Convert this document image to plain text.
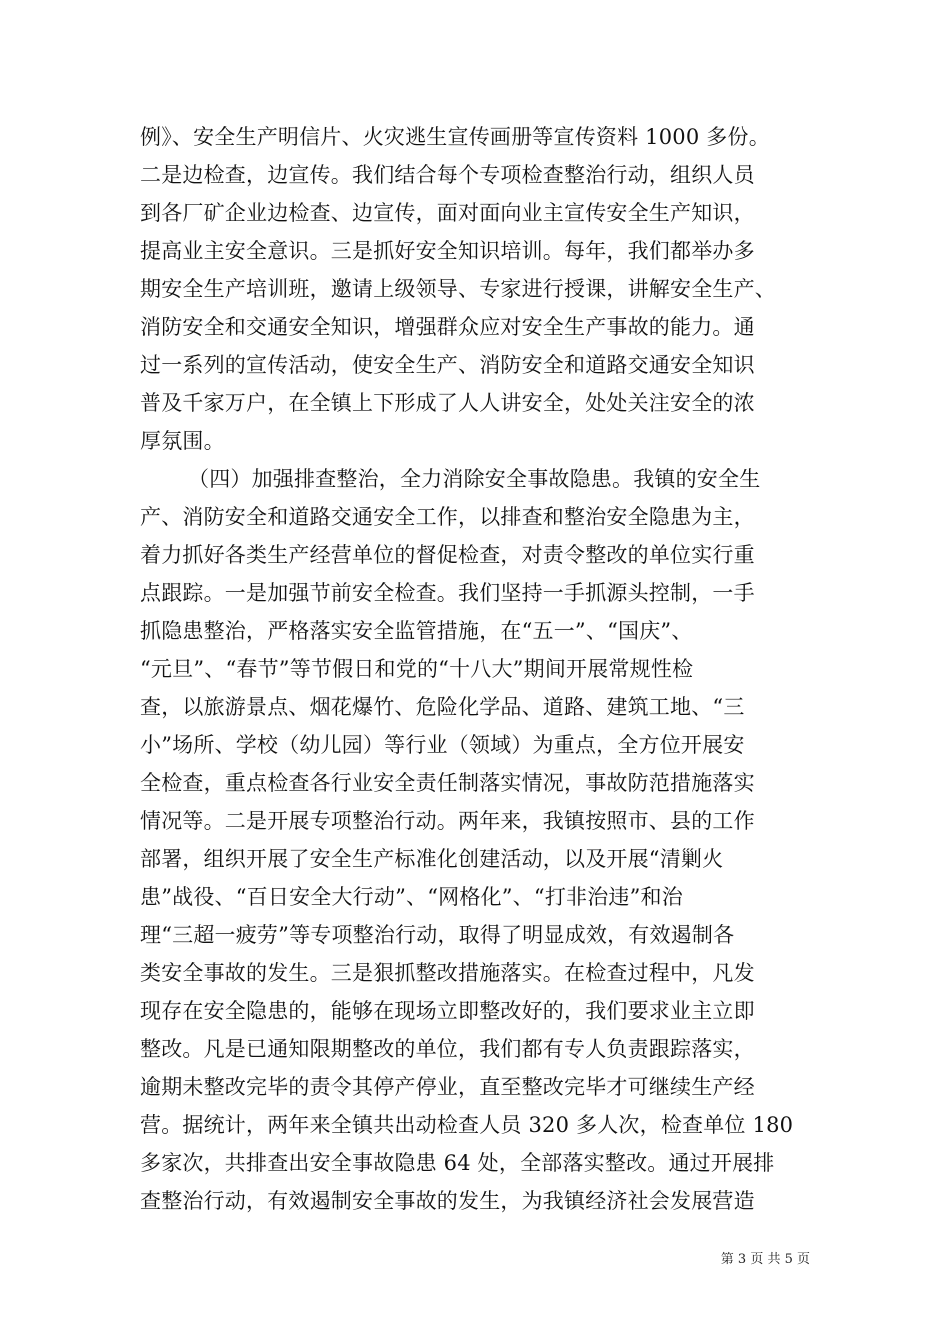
例》、安全生产明信片、火灾逃生宣传画册等宣传资料 1000 多份。
二是边检查，边宣传。我们结合每个专项检查整治行动，组织人员
到各厂矿企业边检查、边宣传，面对面向业主宣传安全生产知识，
提高业主安全意识。三是抓好安全知识培训。每年，我们都举办多
期安全生产培训班，邀请上级领导、专家进行授课，讲解安全生产、
消防安全和交通安全知识，增强群众应对安全生产事故的能力。通
过一系列的宣传活动，使安全生产、消防安全和道路交通安全知识
普及千家万户，在全镇上下形成了人人讲安全，处处关注安全的浓
厚氛围。
（四）加强排查整治，全力消除安全事故隐患。我镇的安全生
产、消防安全和道路交通安全工作，以排查和整治安全隐患为主，
着力抓好各类生产经营单位的督促检查，对责令整改的单位实行重
点跟踪。一是加强节前安全检查。我们坚持一手抓源头控制，一手
抓隐患整治，严格落实安全监管措施，在“五一”、“国庆”、
“元旦”、“春节”等节假日和党的“十八大”期间开展常规性检
查，以旅游景点、烟花爆竹、危险化学品、道路、建筑工地、“三
小”场所、学校（幼儿园）等行业（领域）为重点，全方位开展安
全检查，重点检查各行业安全责任制落实情况，事故防范措施落实
情况等。二是开展专项整治行动。两年来，我镇按照市、县的工作
部署，组织开展了安全生产标准化创建活动，以及开展“清剿火
患”战役、“百日安全大行动”、“网格化”、“打非治违”和治
理“三超一疲劳”等专项整治行动，取得了明显成效，有效遏制各
类安全事故的发生。三是狠抓整改措施落实。在检查过程中，凡发
现存在安全隐患的，能够在现场立即整改好的，我们要求业主立即
整改。凡是已通知限期整改的单位，我们都有专人负责跟踪落实，
逾期未整改完毕的责令其停产停业，直至整改完毕才可继续生产经
营。据统计，两年来全镇共出动检查人员 320 多人次，检查单位 180
多家次，共排查出安全事故隐患 64 处，全部落实整改。通过开展排
查整治行动，有效遏制安全事故的发生，为我镇经济社会发展营造
第 3 页 共 5 页
